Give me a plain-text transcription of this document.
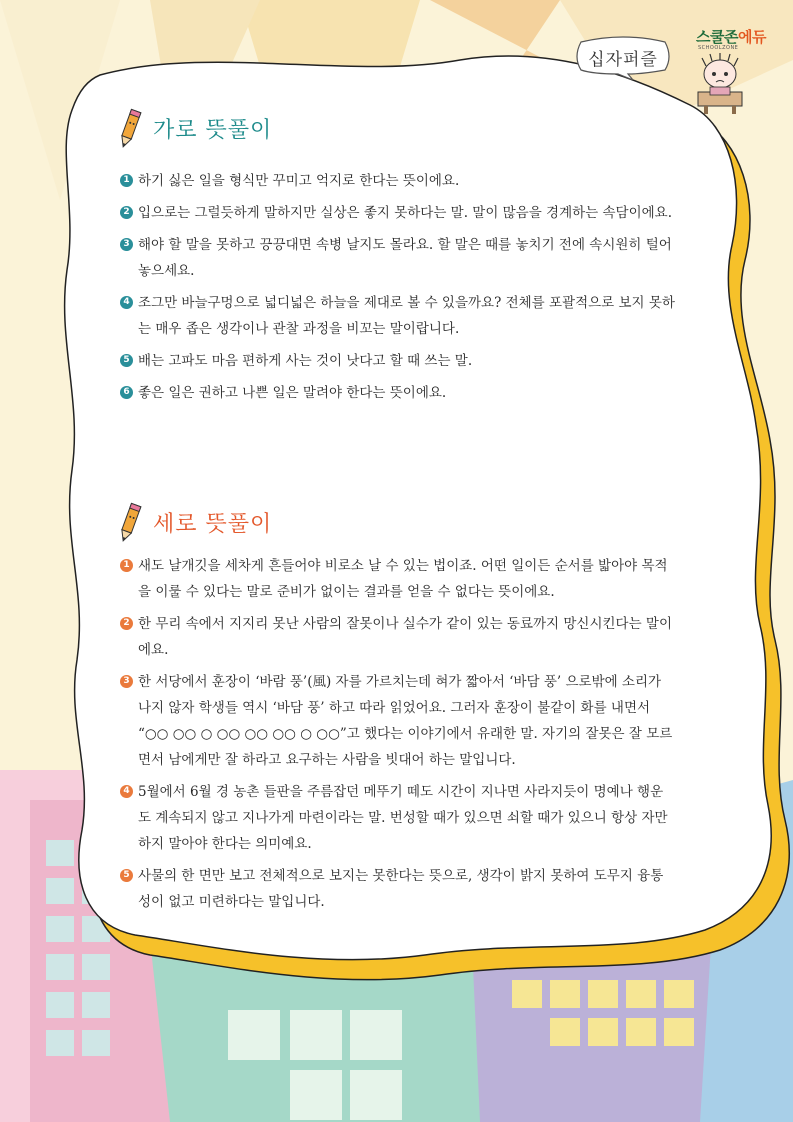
십자퍼즐
스쿨존에듀
SCHOOLZONE
가로 뜻풀이
1 하기 싫은 일을 형식만 꾸미고 억지로 한다는 뜻이에요.
2 입으로는 그럴듯하게 말하지만 실상은 좋지 못하다는 말. 말이 많음을 경계하는 속담이에요.
3 해야 할 말을 못하고 끙끙대면 속병 날지도 몰라요. 할 말은 때를 놓치기 전에 속시원히 털어놓으세요.
4 조그만 바늘구멍으로 넓디넓은 하늘을 제대로 볼 수 있을까요? 전체를 포괄적으로 보지 못하는 매우 좁은 생각이나 관찰 과정을 비꼬는 말이랍니다.
5 배는 고파도 마음 편하게 사는 것이 낫다고 할 때 쓰는 말.
6 좋은 일은 권하고 나쁜 일은 말려야 한다는 뜻이에요.
세로 뜻풀이
1 새도 날개깃을 세차게 흔들어야 비로소 날 수 있는 법이죠. 어떤 일이든 순서를 밟아야 목적을 이룰 수 있다는 말로 준비가 없이는 결과를 얻을 수 없다는 뜻이에요.
2 한 무리 속에서 지지리 못난 사람의 잘못이나 실수가 같이 있는 동료까지 망신시킨다는 말이에요.
3 한 서당에서 훈장이 ‘바람 풍’(風) 자를 가르치는데 혀가 짧아서 ‘바담 풍’ 으로밖에 소리가 나지 않자 학생들 역시 ‘바담 풍’ 하고 따라 읽었어요. 그러자 훈장이 불같이 화를 내면서 “○○ ○○ ○ ○○ ○○ ○○ ○ ○○”고 했다는 이야기에서 유래한 말. 자기의 잘못은 잘 모르면서 남에게만 잘 하라고 요구하는 사람을 빗대어 하는 말입니다.
4 5월에서 6월 경 농촌 들판을 주름잡던 메뚜기 떼도 시간이 지나면 사라지듯이 명예나 행운도 계속되지 않고 지나가게 마련이라는 말. 번성할 때가 있으면 쇠할 때가 있으니 항상 자만하지 말아야 한다는 의미예요.
5 사물의 한 면만 보고 전체적으로 보지는 못한다는 뜻으로, 생각이 밝지 못하여 도무지 융통성이 없고 미련하다는 말입니다.
